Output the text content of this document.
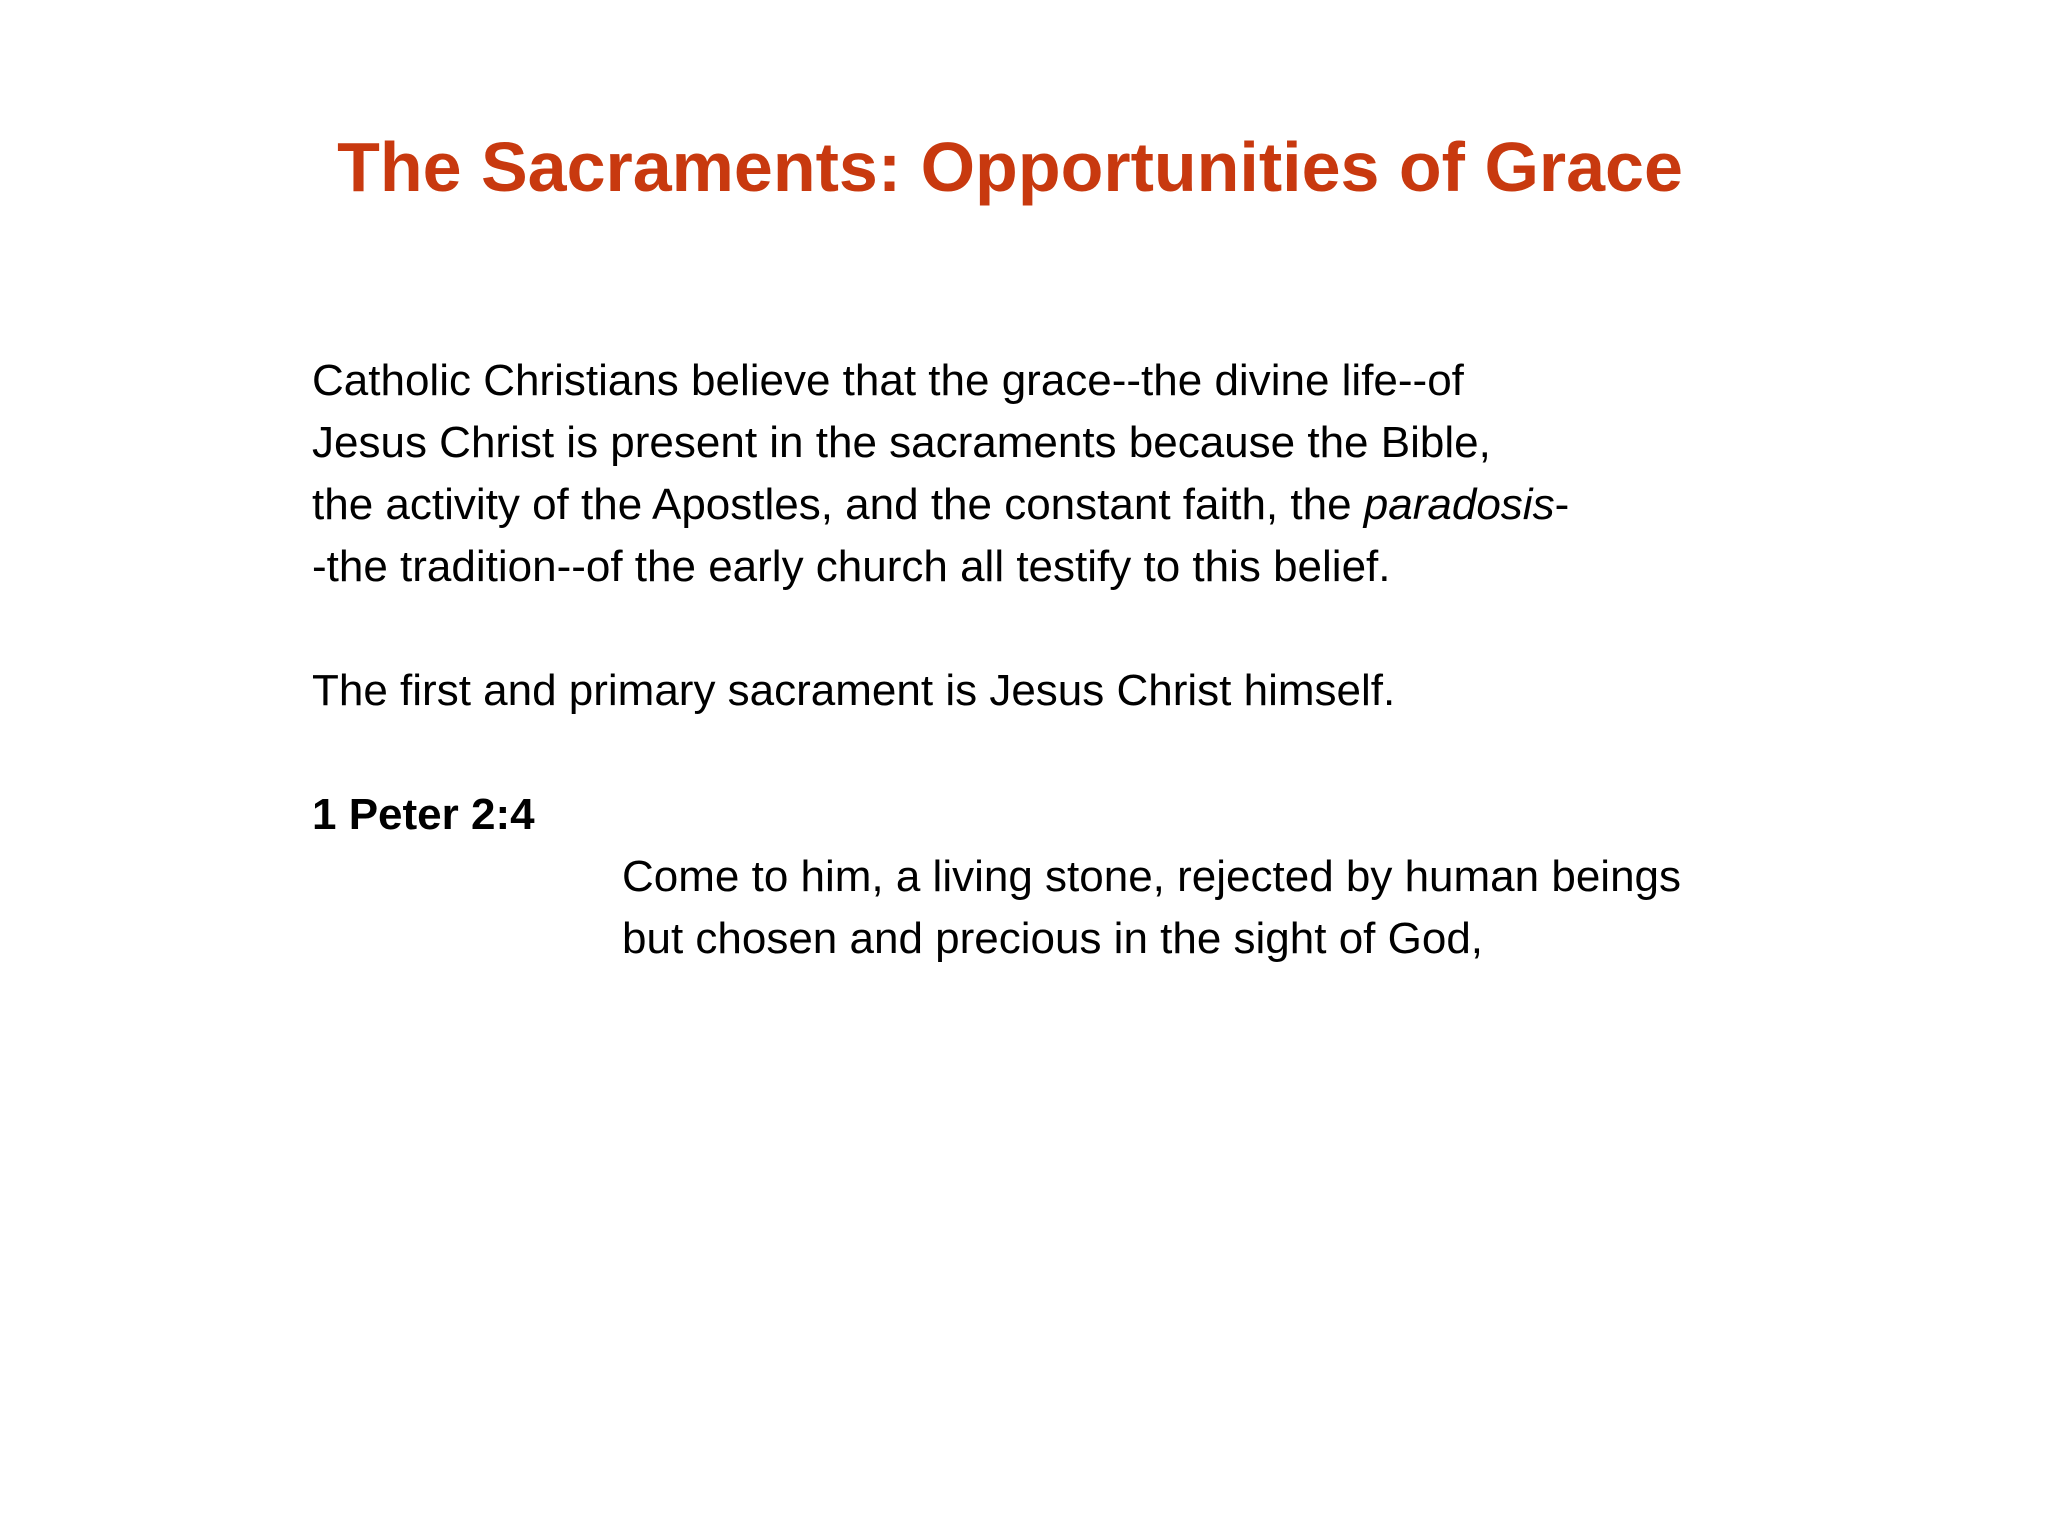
The Sacraments: Opportunities of Grace
Catholic Christians believe that the grace--the divine life--of
Jesus Christ is present in the sacraments because the Bible,
the activity of the Apostles, and the constant faith, the paradosis-
-the tradition--of the early church all testify to this belief.
The first and primary sacrament is Jesus Christ himself.
1 Peter 2:4
Come to him, a living stone, rejected by human beings
but chosen and precious in the sight of God,
